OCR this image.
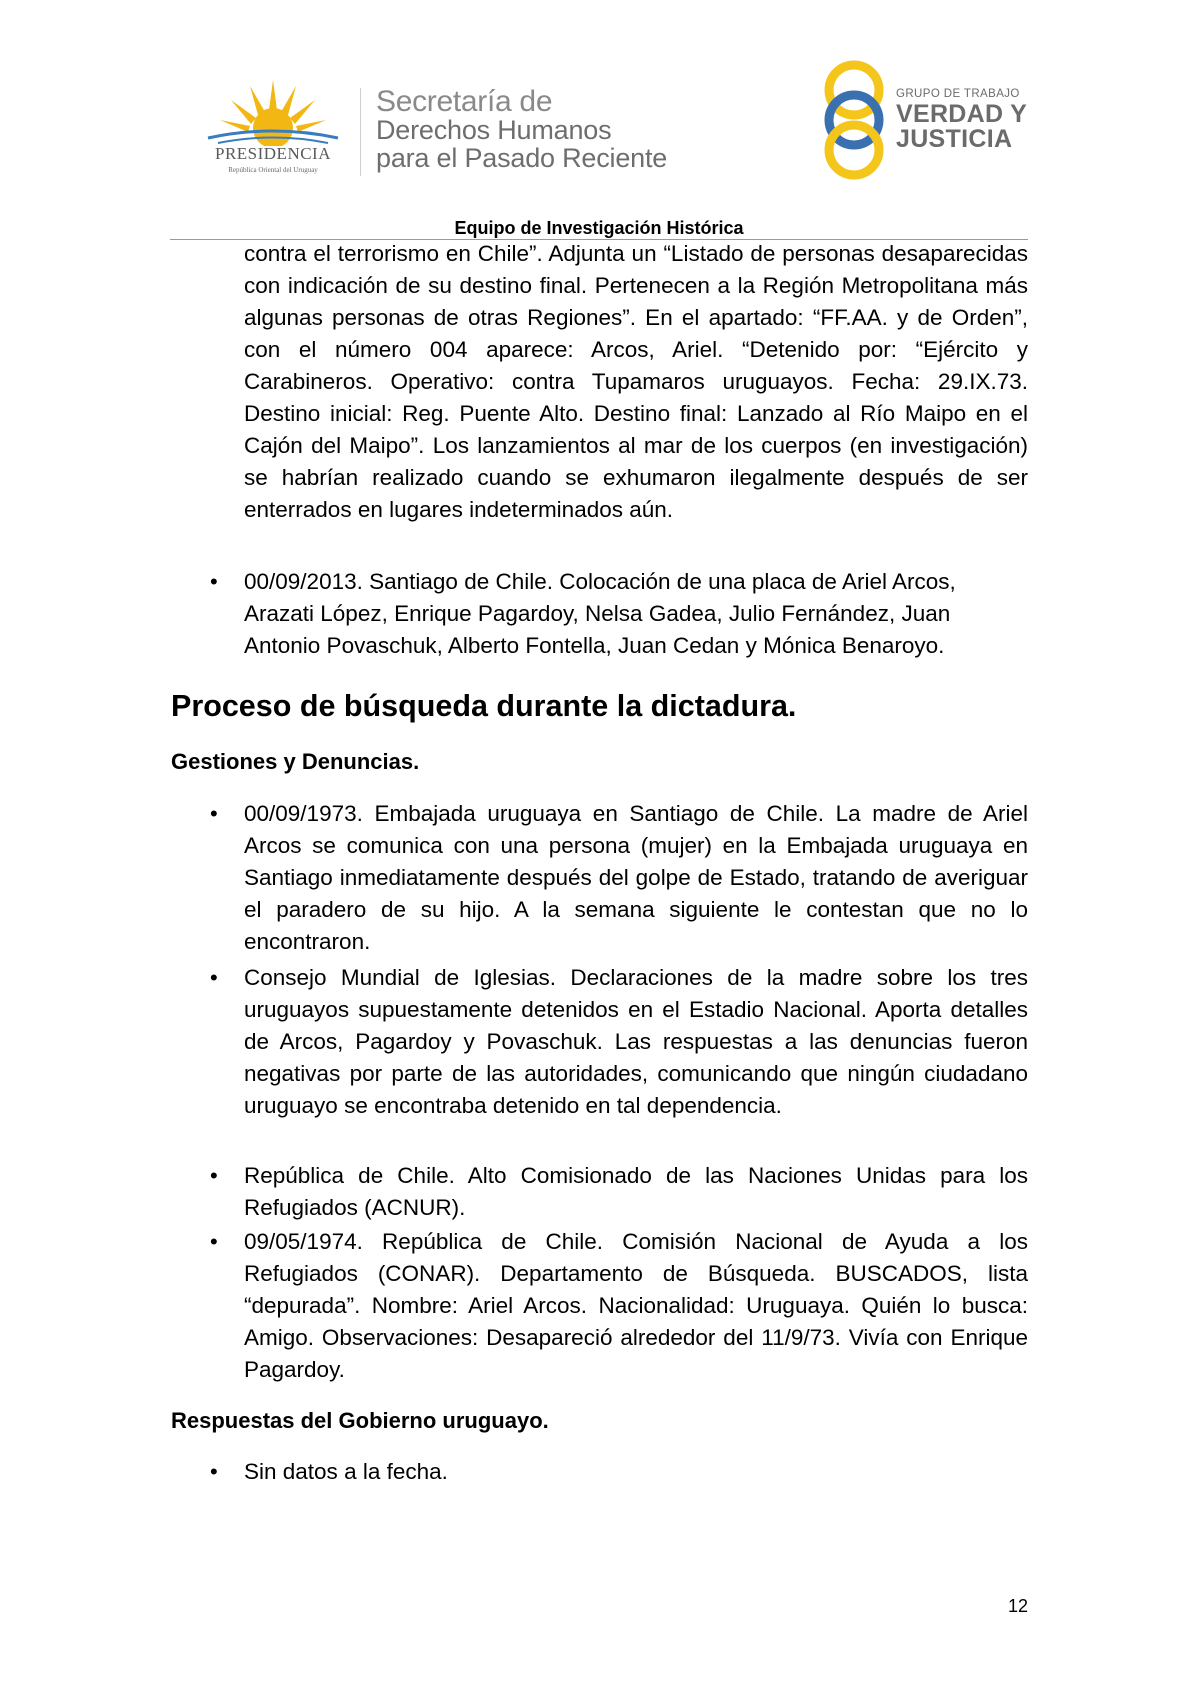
PRESIDENCIA
República Oriental del Uruguay
Secretaría de
Derechos Humanos
para el Pasado Reciente
GRUPO DE TRABAJO
VERDAD Y
JUSTICIA
Equipo de Investigación Histórica
contra el terrorismo en Chile”. Adjunta un “Listado de personas desaparecidas con indicación de su destino final. Pertenecen a la Región Metropolitana más algunas personas de otras Regiones”. En el apartado: “FF.AA. y de Orden”, con el número 004 aparece: Arcos, Ariel. “Detenido por: “Ejército y Carabineros. Operativo: contra Tupamaros uruguayos. Fecha: 29.IX.73. Destino inicial: Reg. Puente Alto. Destino final: Lanzado al Río Maipo en el Cajón del Maipo”. Los lanzamientos al mar de los cuerpos (en investigación) se habrían realizado cuando se exhumaron ilegalmente después de ser enterrados en lugares indeterminados aún.
• 00/09/2013. Santiago de Chile. Colocación de una placa de Ariel Arcos, Arazati López, Enrique Pagardoy, Nelsa Gadea, Julio Fernández, Juan Antonio Povaschuk, Alberto Fontella, Juan Cedan y Mónica Benaroyo.
Proceso de búsqueda durante la dictadura.
Gestiones y Denuncias.
• 00/09/1973. Embajada uruguaya en Santiago de Chile. La madre de Ariel Arcos se comunica con una persona (mujer) en la Embajada uruguaya en Santiago inmediatamente después del golpe de Estado, tratando de averiguar el paradero de su hijo. A la semana siguiente le contestan que no lo encontraron.
• Consejo Mundial de Iglesias. Declaraciones de la madre sobre los tres uruguayos supuestamente detenidos en el Estadio Nacional. Aporta detalles de Arcos, Pagardoy y Povaschuk. Las respuestas a las denuncias fueron negativas por parte de las autoridades, comunicando que ningún ciudadano uruguayo se encontraba detenido en tal dependencia.
• República de Chile. Alto Comisionado de las Naciones Unidas para los Refugiados (ACNUR).
• 09/05/1974. República de Chile. Comisión Nacional de Ayuda a los Refugiados (CONAR). Departamento de Búsqueda. BUSCADOS, lista “depurada”. Nombre: Ariel Arcos. Nacionalidad: Uruguaya. Quién lo busca: Amigo. Observaciones: Desapareció alrededor del 11/9/73. Vivía con Enrique Pagardoy.
Respuestas del Gobierno uruguayo.
• Sin datos a la fecha.
12
